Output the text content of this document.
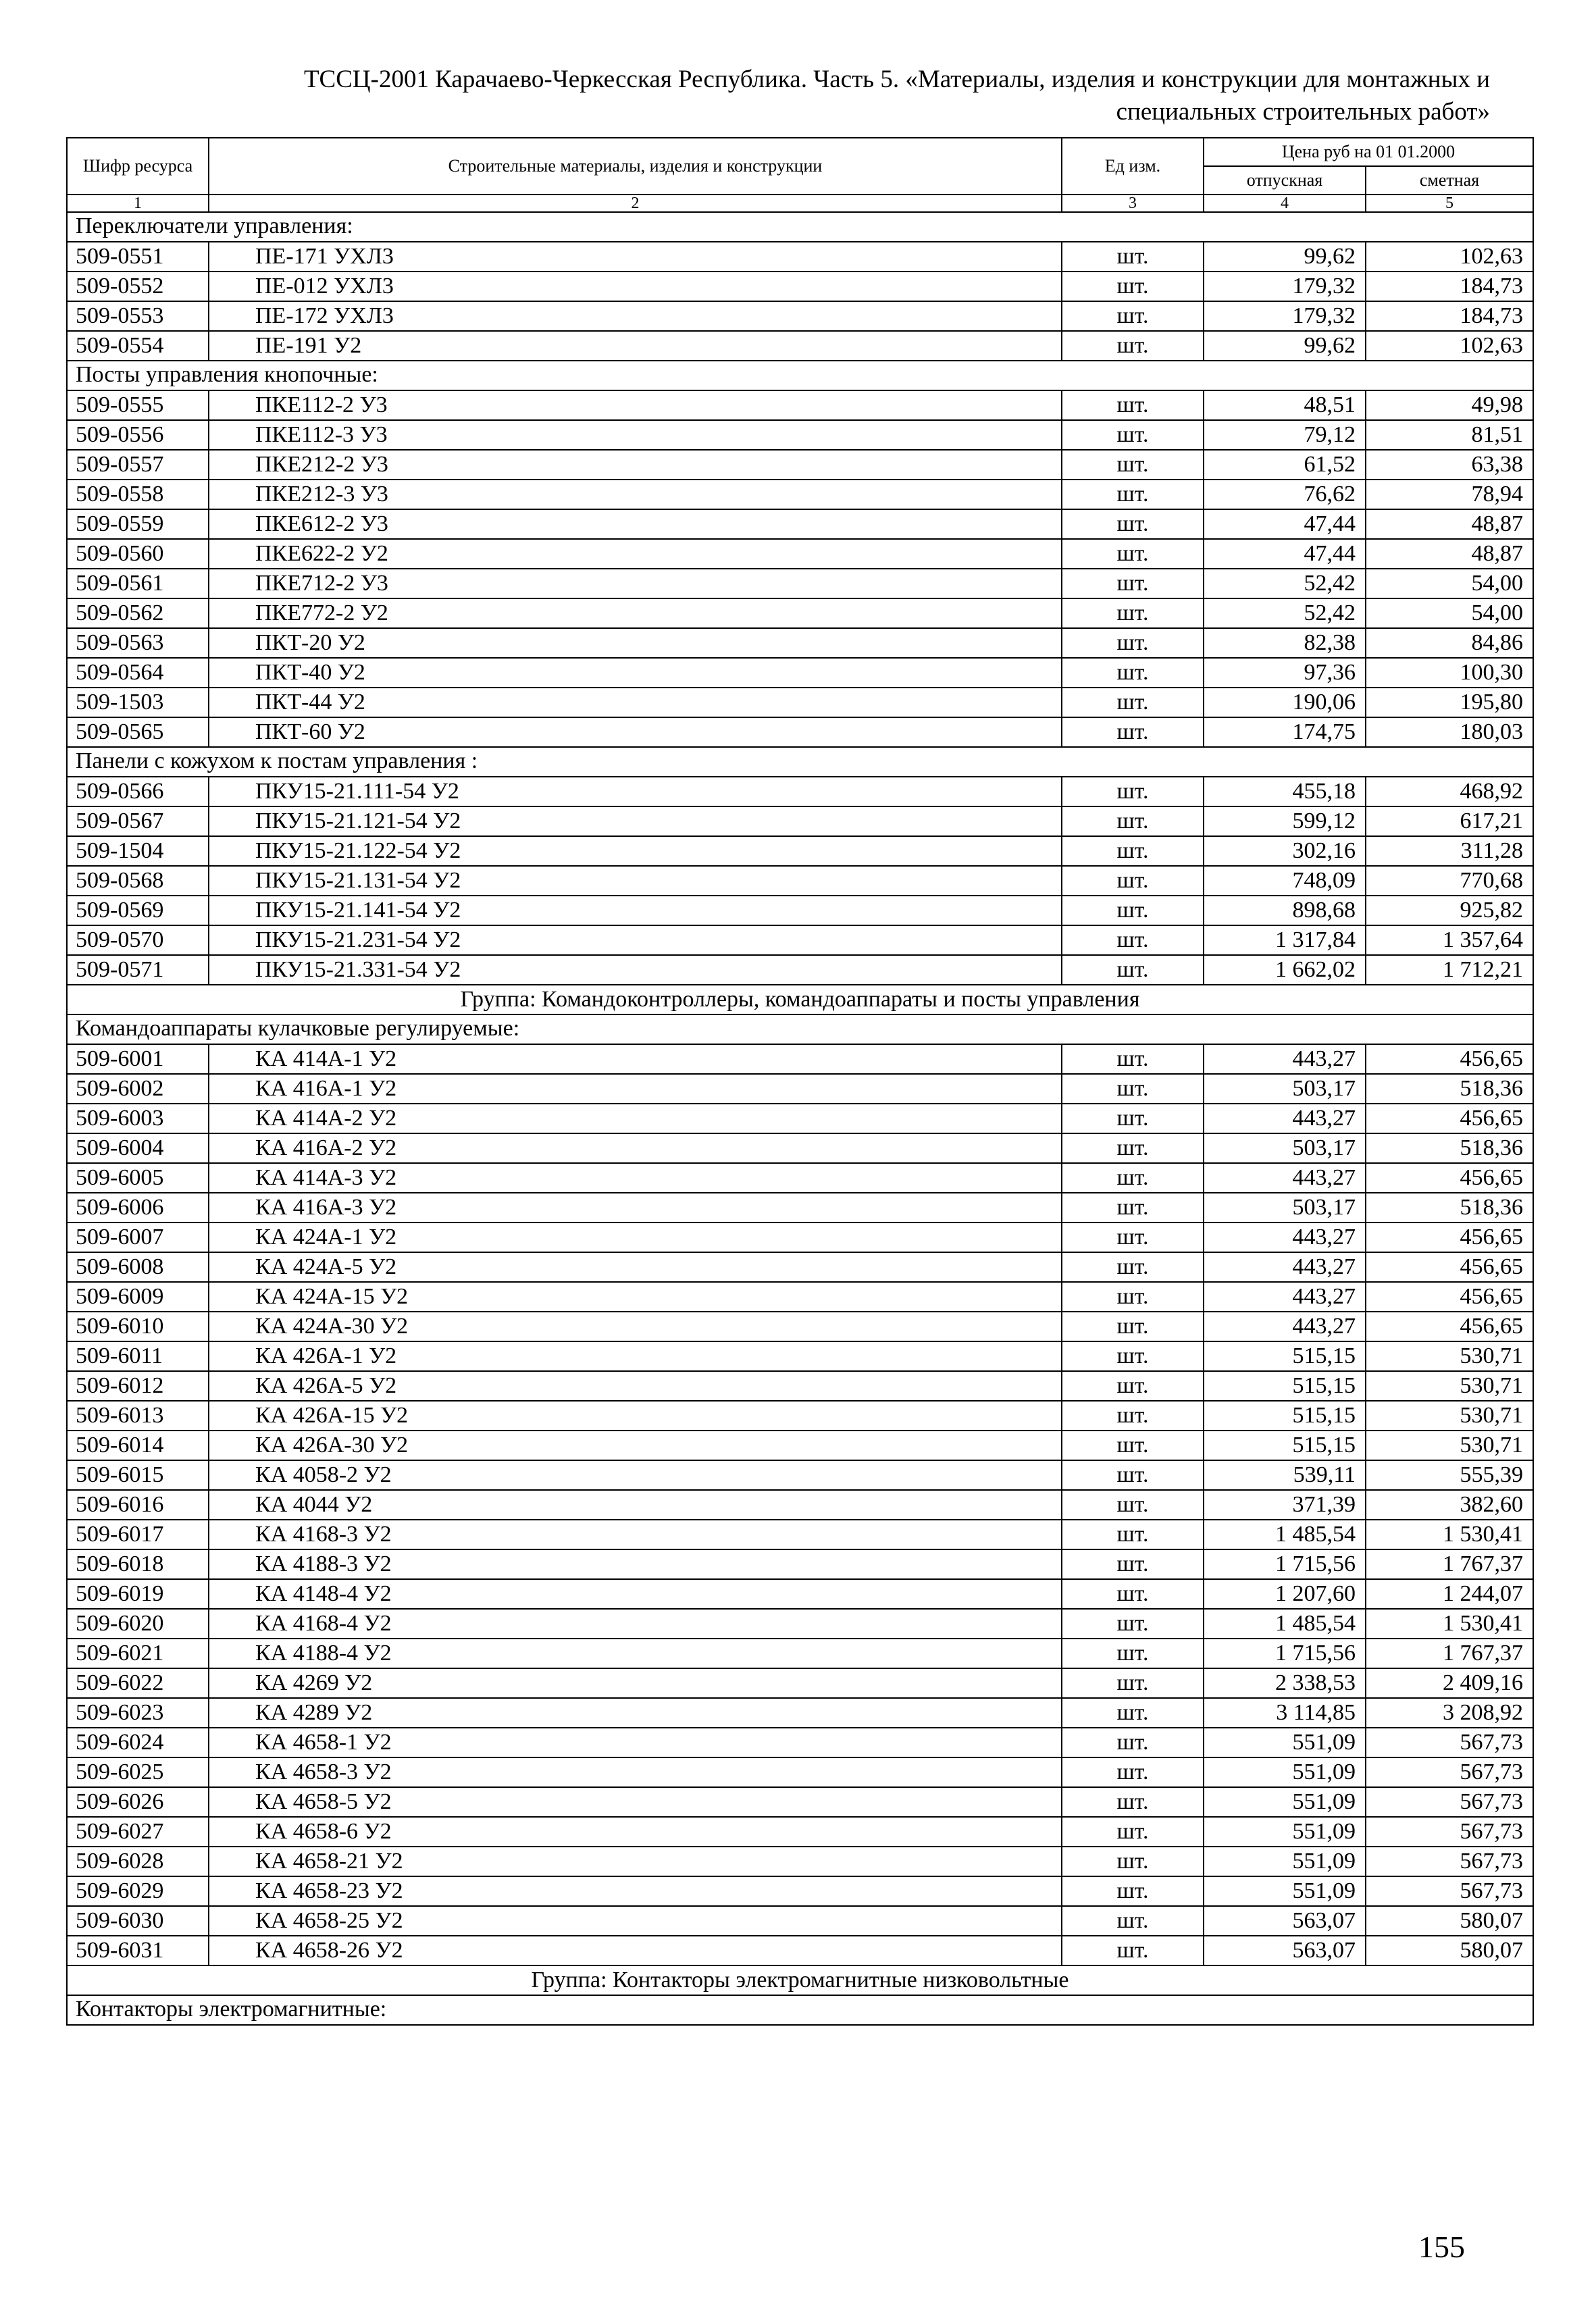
ТССЦ-2001 Карачаево-Черкесская Республика. Часть 5. «Материалы, изделия и конструкции для монтажных и
специальных строительных работ»
Шифр ресурса	Строительные материалы, изделия и конструкции	Ед изм.	Цена руб на 01 01.2000	
			отпускная	сметная
1	2	3	4	5
Переключатели управления:				
509-0551	ПЕ-171 УХЛ3	шт.	99,62	102,63
509-0552	ПЕ-012 УХЛ3	шт.	179,32	184,73
509-0553	ПЕ-172 УХЛ3	шт.	179,32	184,73
509-0554	ПЕ-191 У2	шт.	99,62	102,63
Посты управления кнопочные:				
509-0555	ПКЕ112-2 У3	шт.	48,51	49,98
509-0556	ПКЕ112-3 У3	шт.	79,12	81,51
509-0557	ПКЕ212-2 У3	шт.	61,52	63,38
509-0558	ПКЕ212-3 У3	шт.	76,62	78,94
509-0559	ПКЕ612-2 У3	шт.	47,44	48,87
509-0560	ПКЕ622-2 У2	шт.	47,44	48,87
509-0561	ПКЕ712-2 У3	шт.	52,42	54,00
509-0562	ПКЕ772-2 У2	шт.	52,42	54,00
509-0563	ПКТ-20 У2	шт.	82,38	84,86
509-0564	ПКТ-40 У2	шт.	97,36	100,30
509-1503	ПКТ-44 У2	шт.	190,06	195,80
509-0565	ПКТ-60 У2	шт.	174,75	180,03
Панели с кожухом к постам управления :				
509-0566	ПКУ15-21.111-54 У2	шт.	455,18	468,92
509-0567	ПКУ15-21.121-54 У2	шт.	599,12	617,21
509-1504	ПКУ15-21.122-54 У2	шт.	302,16	311,28
509-0568	ПКУ15-21.131-54 У2	шт.	748,09	770,68
509-0569	ПКУ15-21.141-54 У2	шт.	898,68	925,82
509-0570	ПКУ15-21.231-54 У2	шт.	1 317,84	1 357,64
509-0571	ПКУ15-21.331-54 У2	шт.	1 662,02	1 712,21
Группа: Командоконтроллеры, командоаппараты и посты управления				
Командоаппараты кулачковые регулируемые:				
509-6001	КА 414А-1 У2	шт.	443,27	456,65
509-6002	КА 416А-1 У2	шт.	503,17	518,36
509-6003	КА 414А-2 У2	шт.	443,27	456,65
509-6004	КА 416А-2 У2	шт.	503,17	518,36
509-6005	КА 414А-3 У2	шт.	443,27	456,65
509-6006	КА 416А-3 У2	шт.	503,17	518,36
509-6007	КА 424А-1 У2	шт.	443,27	456,65
509-6008	КА 424А-5 У2	шт.	443,27	456,65
509-6009	КА 424А-15 У2	шт.	443,27	456,65
509-6010	КА 424А-30 У2	шт.	443,27	456,65
509-6011	КА 426А-1 У2	шт.	515,15	530,71
509-6012	КА 426А-5 У2	шт.	515,15	530,71
509-6013	КА 426А-15 У2	шт.	515,15	530,71
509-6014	КА 426А-30 У2	шт.	515,15	530,71
509-6015	КА 4058-2 У2	шт.	539,11	555,39
509-6016	КА 4044 У2	шт.	371,39	382,60
509-6017	КА 4168-3 У2	шт.	1 485,54	1 530,41
509-6018	КА 4188-3 У2	шт.	1 715,56	1 767,37
509-6019	КА 4148-4 У2	шт.	1 207,60	1 244,07
509-6020	КА 4168-4 У2	шт.	1 485,54	1 530,41
509-6021	КА 4188-4 У2	шт.	1 715,56	1 767,37
509-6022	КА 4269 У2	шт.	2 338,53	2 409,16
509-6023	КА 4289 У2	шт.	3 114,85	3 208,92
509-6024	КА 4658-1 У2	шт.	551,09	567,73
509-6025	КА 4658-3 У2	шт.	551,09	567,73
509-6026	КА 4658-5 У2	шт.	551,09	567,73
509-6027	КА 4658-6 У2	шт.	551,09	567,73
509-6028	КА 4658-21 У2	шт.	551,09	567,73
509-6029	КА 4658-23 У2	шт.	551,09	567,73
509-6030	КА 4658-25 У2	шт.	563,07	580,07
509-6031	КА 4658-26 У2	шт.	563,07	580,07
Группа: Контакторы электромагнитные низковольтные				
Контакторы электромагнитные:				
155
